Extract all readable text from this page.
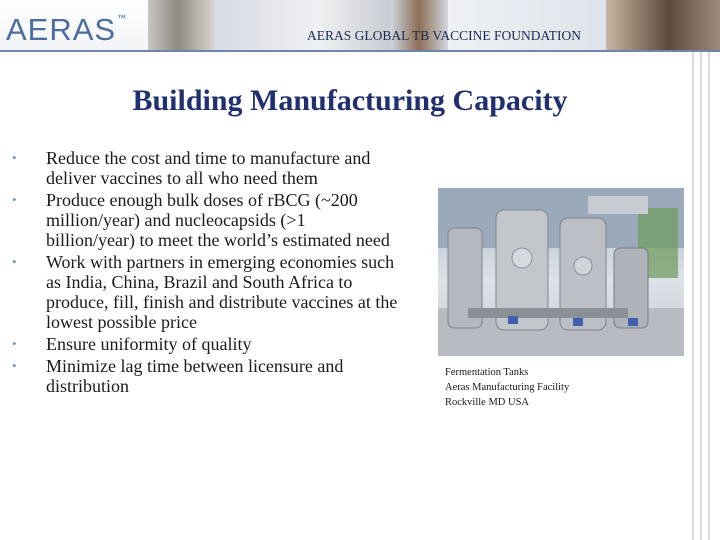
AERAS™
AERAS GLOBAL TB VACCINE FOUNDATION
Building Manufacturing Capacity
• Reduce the cost and time to manufacture and deliver vaccines to all who need them
• Produce enough bulk doses of rBCG (~200 million/year) and nucleocapsids (>1 billion/year) to meet the world’s estimated need
• Work with partners in emerging economies such as India, China, Brazil and South Africa to produce, fill, finish and distribute vaccines at the lowest possible price
• Ensure uniformity of quality
• Minimize lag time between licensure and distribution
Fermentation Tanks
Aeras Manufacturing Facility
Rockville MD USA
